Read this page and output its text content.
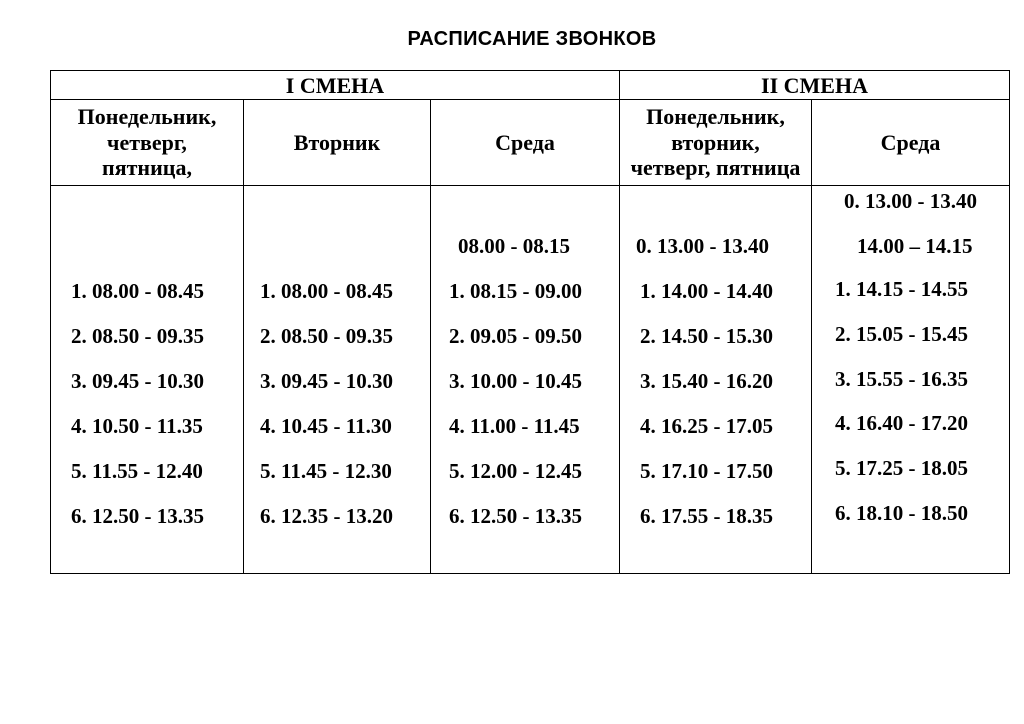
РАСПИСАНИЕ ЗВОНКОВ
I СМЕНА	II СМЕНА
Понедельник,
четверг,
пятница,
Вторник	Среда
Понедельник,
вторник,
четверг, пятница
Среда
1. 08.00 - 08.45
2. 08.50 - 09.35
3. 09.45 - 10.30
4. 10.50 - 11.35
5. 11.55 - 12.40
6. 12.50 - 13.35
1. 08.00 - 08.45
2. 08.50 - 09.35
3. 09.45 - 10.30
4. 10.45 - 11.30
5. 11.45 - 12.30
6. 12.35 - 13.20
08.00 - 08.15
1. 08.15 - 09.00
2. 09.05 - 09.50
3. 10.00 - 10.45
4. 11.00 - 11.45
5. 12.00 - 12.45
6. 12.50 - 13.35
0. 13.00 - 13.40
1. 14.00 - 14.40
2. 14.50 - 15.30
3. 15.40 - 16.20
4. 16.25 - 17.05
5. 17.10 - 17.50
6. 17.55 - 18.35
0. 13.00 - 13.40
14.00 – 14.15
1. 14.15 - 14.55
2. 15.05 - 15.45
3. 15.55 - 16.35
4. 16.40 - 17.20
5. 17.25 - 18.05
6. 18.10 - 18.50
